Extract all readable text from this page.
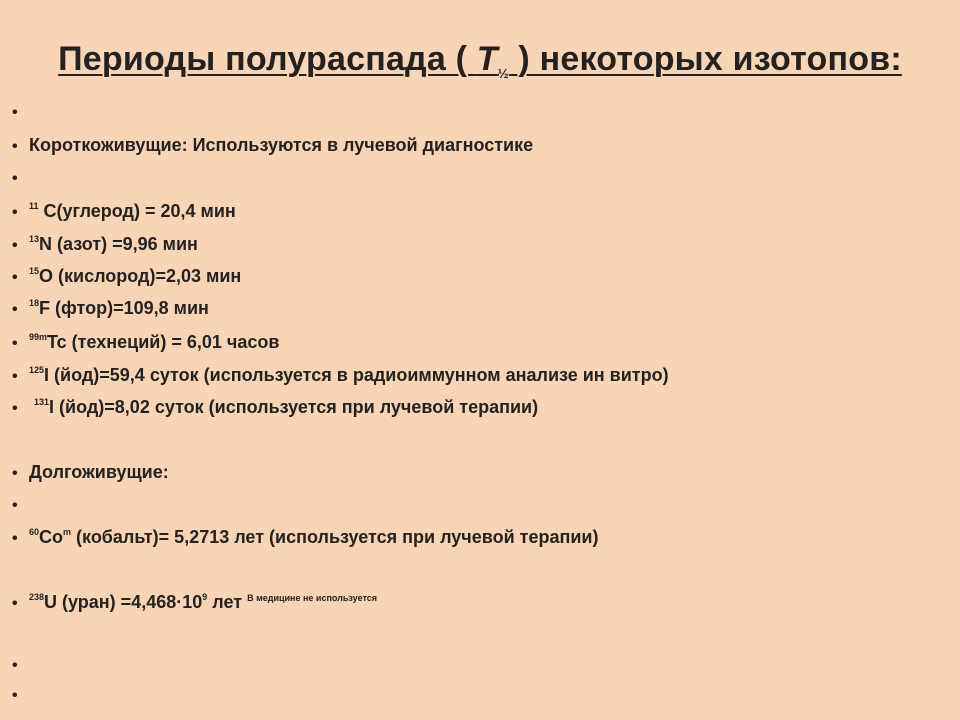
Периоды полураспада ( $T_{\frac{1}{2}}$ ) некоторых изотопов:
•
• Короткоживущие: Используются в лучевой диагностике
•
• $^{11}$ C(углерод) = 20,4 мин
• $^{13}$N (азот) =9,96 мин
• $^{15}$O (кислород)=2,03 мин
• $^{18}$F (фтор)=109,8 мин
• $^{99m}$Tc (технеций) = 6,01 часов
• $^{125}$I (йод)=59,4 суток (используется в радиоиммунном анализе ин витро)
• $^{131}$I (йод)=8,02 суток (используется при лучевой терапии)
• Долгоживущие:
•
• $^{60}$Co$^m$ (кобальт)= 5,2713 лет (используется при лучевой терапии)
• $^{238}$U (уран) $=4,468\cdot 10^9$ лет $^{В медицине не используется}$
•
•
